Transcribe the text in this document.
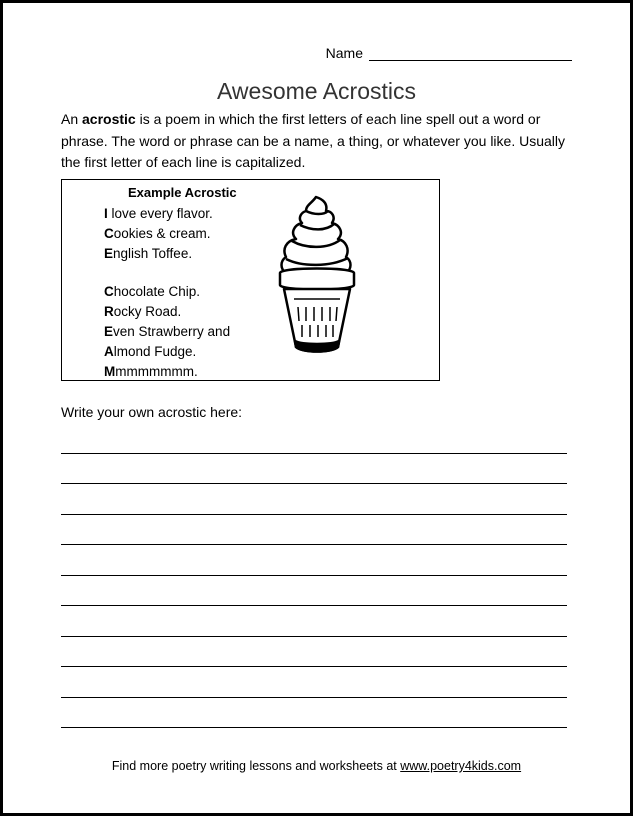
Name
Awesome Acrostics
An acrostic is a poem in which the first letters of each line spell out a word or phrase. The word or phrase can be a name, a thing, or whatever you like. Usually the first letter of each line is capitalized.
Example Acrostic
I love every flavor.
Cookies & cream.
English Toffee.
Chocolate Chip.
Rocky Road.
Even Strawberry and
Almond Fudge.
Mmmmmmmm.
Write your own acrostic here:
Find more poetry writing lessons and worksheets at www.poetry4kids.com
